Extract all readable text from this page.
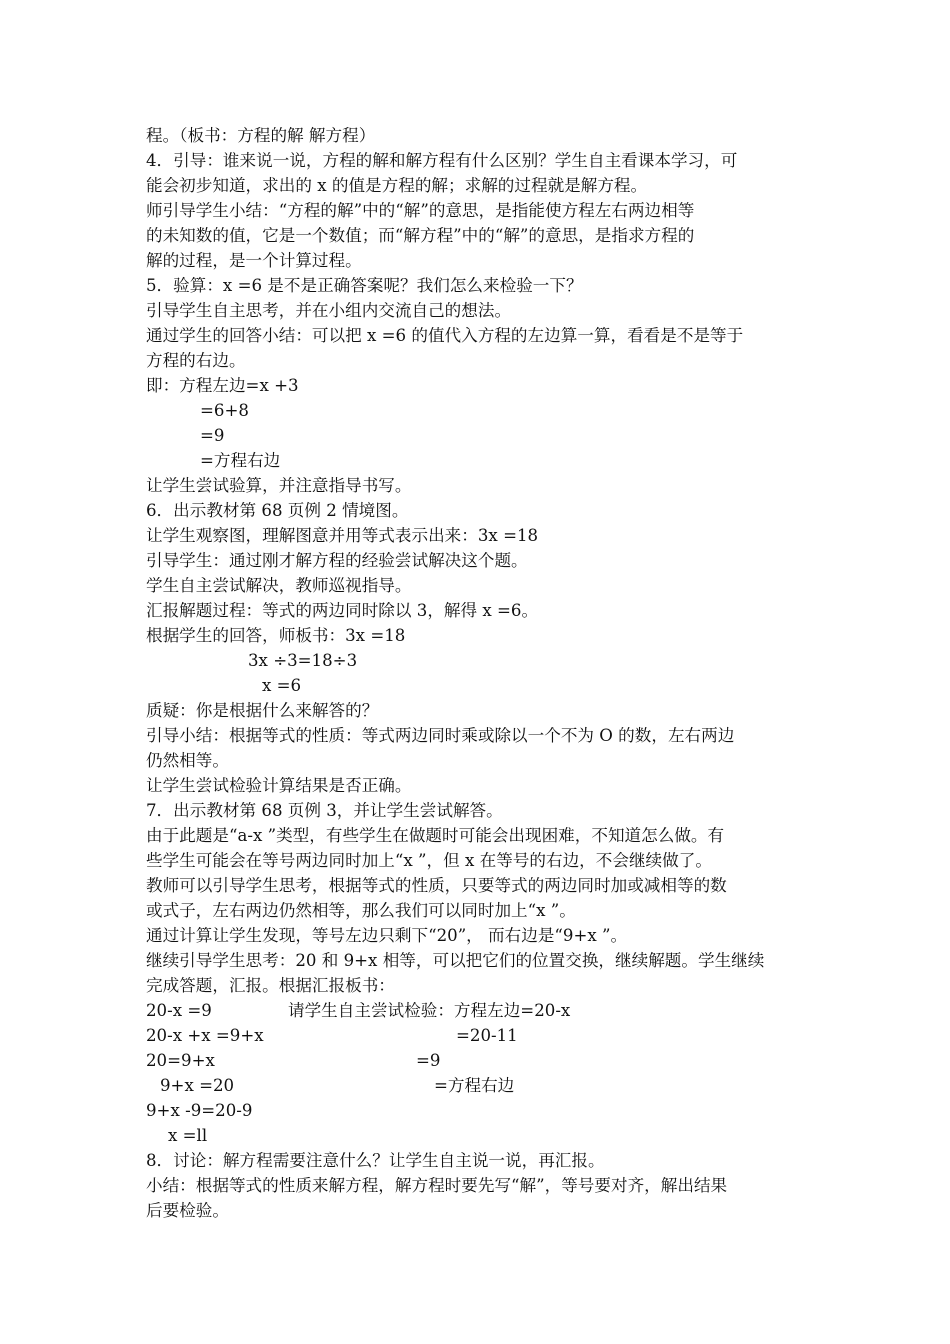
程。（板书：方程的解 解方程）
4．引导：谁来说一说，方程的解和解方程有什么区别？学生自主看课本学习，可
能会初步知道，求出的 x 的值是方程的解；求解的过程就是解方程。
师引导学生小结：“方程的解”中的“解”的意思，是指能使方程左右两边相等
的未知数的值，它是一个数值；而“解方程”中的“解”的意思，是指求方程的
解的过程，是一个计算过程。
5．验算：x =6 是不是正确答案呢？我们怎么来检验一下？
引导学生自主思考，并在小组内交流自己的想法。
通过学生的回答小结：可以把 x =6 的值代入方程的左边算一算，看看是不是等于
方程的右边。
即：方程左边=x +3
=6+8
=9
=方程右边
让学生尝试验算，并注意指导书写。
6．出示教材第 68 页例 2 情境图。
让学生观察图，理解图意并用等式表示出来：3x =18
引导学生：通过刚才解方程的经验尝试解决这个题。
学生自主尝试解决，教师巡视指导。
汇报解题过程：等式的两边同时除以 3，解得 x =6。
根据学生的回答，师板书：3x =18
3x ÷3=18÷3
x =6
质疑：你是根据什么来解答的？
引导小结：根据等式的性质：等式两边同时乘或除以一个不为 O 的数，左右两边
仍然相等。
让学生尝试检验计算结果是否正确。
7．出示教材第 68 页例 3，并让学生尝试解答。
由于此题是“a-x ”类型，有些学生在做题时可能会出现困难，不知道怎么做。有
些学生可能会在等号两边同时加上“x ”，但 x 在等号的右边，不会继续做了。
教师可以引导学生思考，根据等式的性质，只要等式的两边同时加或减相等的数
或式子，左右两边仍然相等，那么我们可以同时加上“x ”。
通过计算让学生发现，等号左边只剩下“20”， 而右边是“9+x ”。
继续引导学生思考：20 和 9+x 相等，可以把它们的位置交换，继续解题。学生继续
完成答题，汇报。根据汇报板书：
20-x =9
20-x +x =9+x
20=9+x
9+x =20
9+x -9=20-9
x =ll
请学生自主尝试检验：方程左边=20-x
=20-11
=9
=方程右边
8．讨论：解方程需要注意什么？让学生自主说一说，再汇报。
小结：根据等式的性质来解方程，解方程时要先写“解”，等号要对齐，解出结果
后要检验。
